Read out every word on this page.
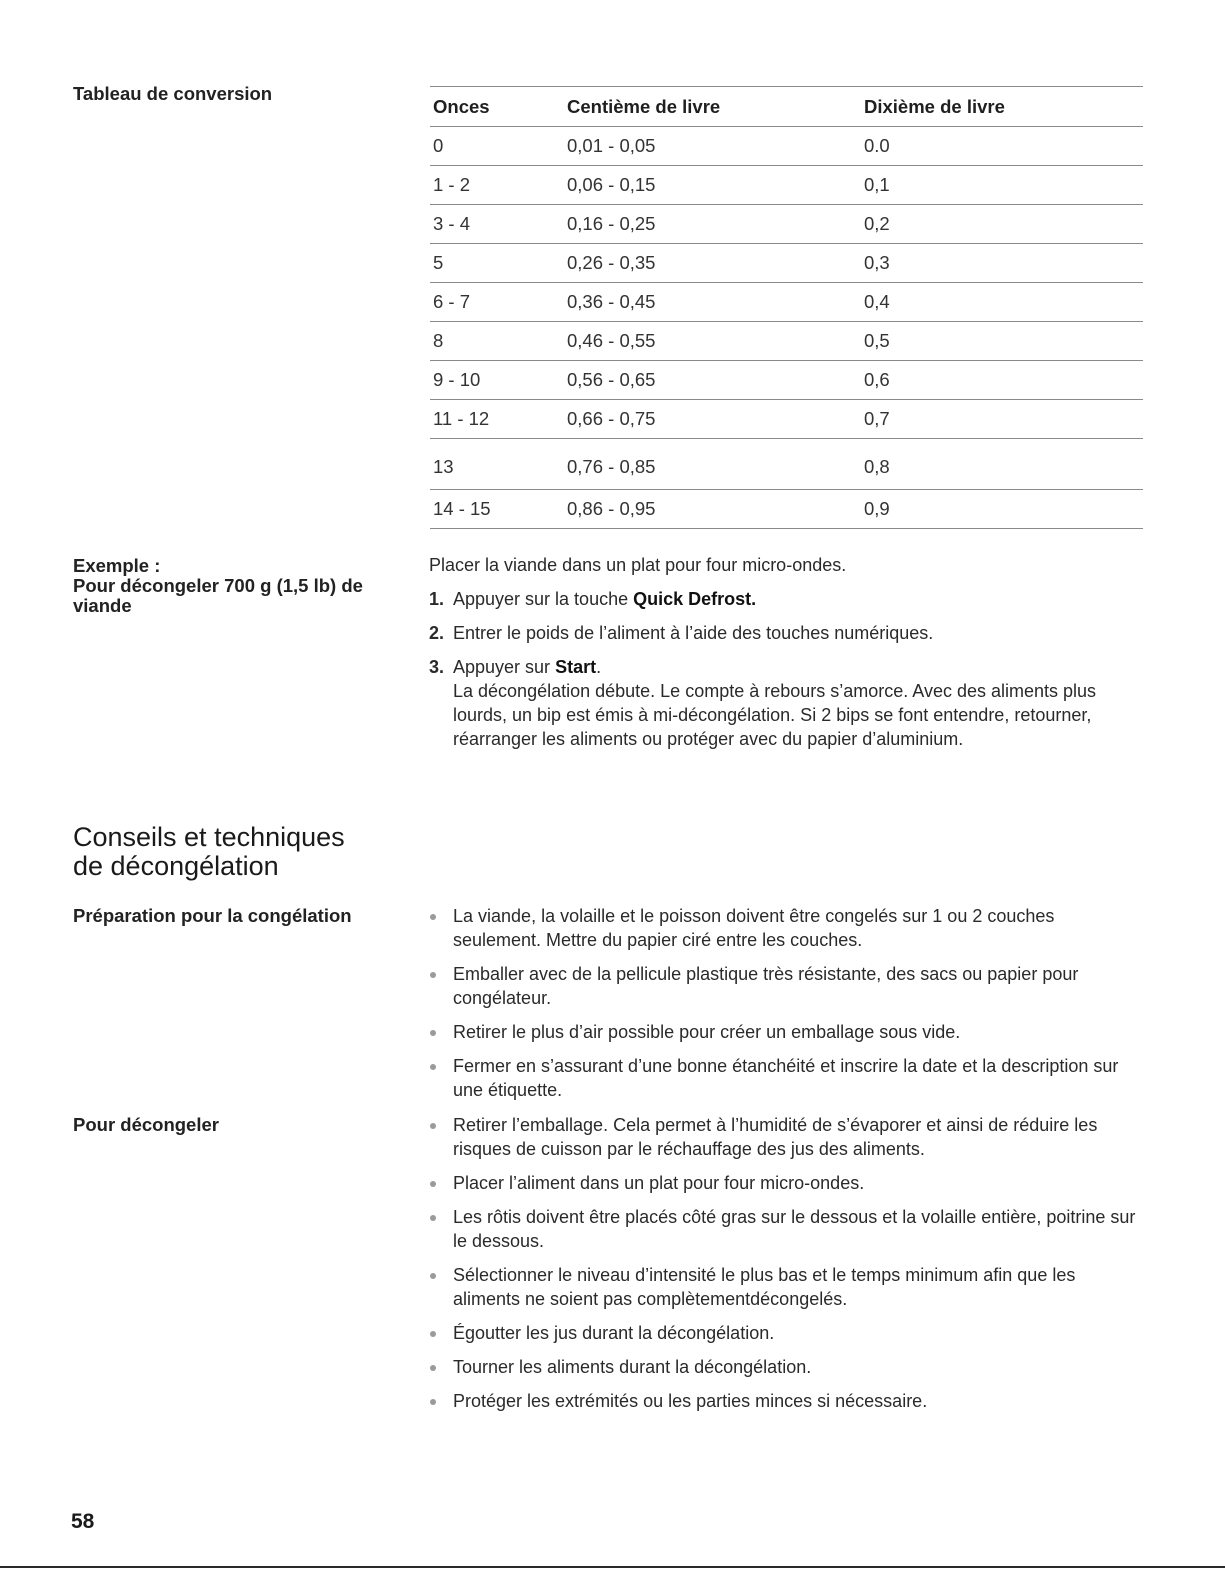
Tableau de conversion
Onces	Centième de livre	Dixième de livre
0	0,01 - 0,05	0.0
1 - 2	0,06 - 0,15	0,1
3 - 4	0,16 - 0,25	0,2
5	0,26 - 0,35	0,3
6 - 7	0,36 - 0,45	0,4
8	0,46 - 0,55	0,5
9 - 10	0,56 - 0,65	0,6
11 - 12	0,66 - 0,75	0,7
13	0,76 - 0,85	0,8
14 - 15	0,86 - 0,95	0,9
Exemple :
Pour décongeler 700 g (1,5 lb) de
viande

Placer la viande dans un plat pour four micro-ondes.

1. Appuyer sur la touche Quick Defrost.
2. Entrer le poids de l’aliment à l’aide des touches numériques.
3. Appuyer sur Start.
La décongélation débute. Le compte à rebours s’amorce. Avec des aliments plus lourds, un bip est émis à mi-décongélation. Si 2 bips se font entendre, retourner, réarranger les aliments ou protéger avec du papier d’aluminium.
Conseils et techniques
de décongélation
Préparation pour la congélation	La viande, la volaille et le poisson doivent être congelés sur 1 ou 2 couches seulement. Mettre du papier ciré entre les couches.
Emballer avec de la pellicule plastique très résistante, des sacs ou papier pour congélateur.
Retirer le plus d’air possible pour créer un emballage sous vide.
Fermer en s’assurant d’une bonne étanchéité et inscrire la date et la description sur une étiquette.
Pour décongeler	Retirer l’emballage. Cela permet à l’humidité de s’évaporer et ainsi de réduire les risques de cuisson par le réchauffage des jus des aliments.
Placer l’aliment dans un plat pour four micro-ondes.
Les rôtis doivent être placés côté gras sur le dessous et la volaille entière, poitrine sur le dessous.
Sélectionner le niveau d’intensité le plus bas et le temps minimum afin que les aliments ne soient pas complètementdécongelés.
Égoutter les jus durant la décongélation.
Tourner les aliments durant la décongélation.
Protéger les extrémités ou les parties minces si nécessaire.
58
